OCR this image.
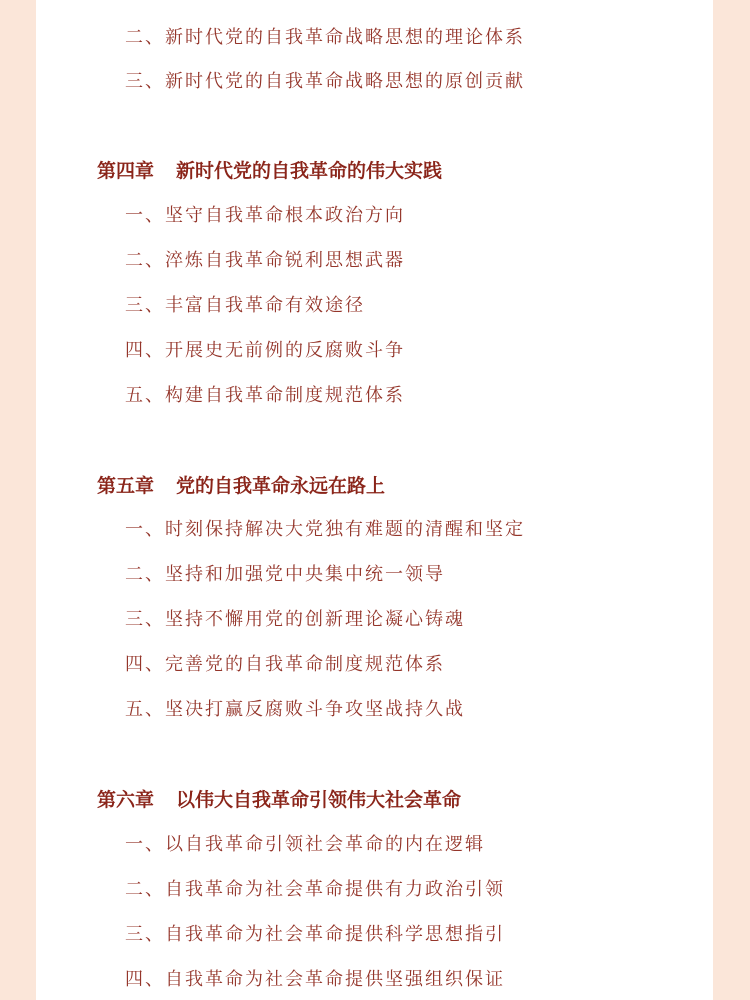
二、新时代党的自我革命战略思想的理论体系
三、新时代党的自我革命战略思想的原创贡献
第四章 新时代党的自我革命的伟大实践
一、坚守自我革命根本政治方向
二、淬炼自我革命锐利思想武器
三、丰富自我革命有效途径
四、开展史无前例的反腐败斗争
五、构建自我革命制度规范体系
第五章 党的自我革命永远在路上
一、时刻保持解决大党独有难题的清醒和坚定
二、坚持和加强党中央集中统一领导
三、坚持不懈用党的创新理论凝心铸魂
四、完善党的自我革命制度规范体系
五、坚决打赢反腐败斗争攻坚战持久战
第六章 以伟大自我革命引领伟大社会革命
一、以自我革命引领社会革命的内在逻辑
二、自我革命为社会革命提供有力政治引领
三、自我革命为社会革命提供科学思想指引
四、自我革命为社会革命提供坚强组织保证
